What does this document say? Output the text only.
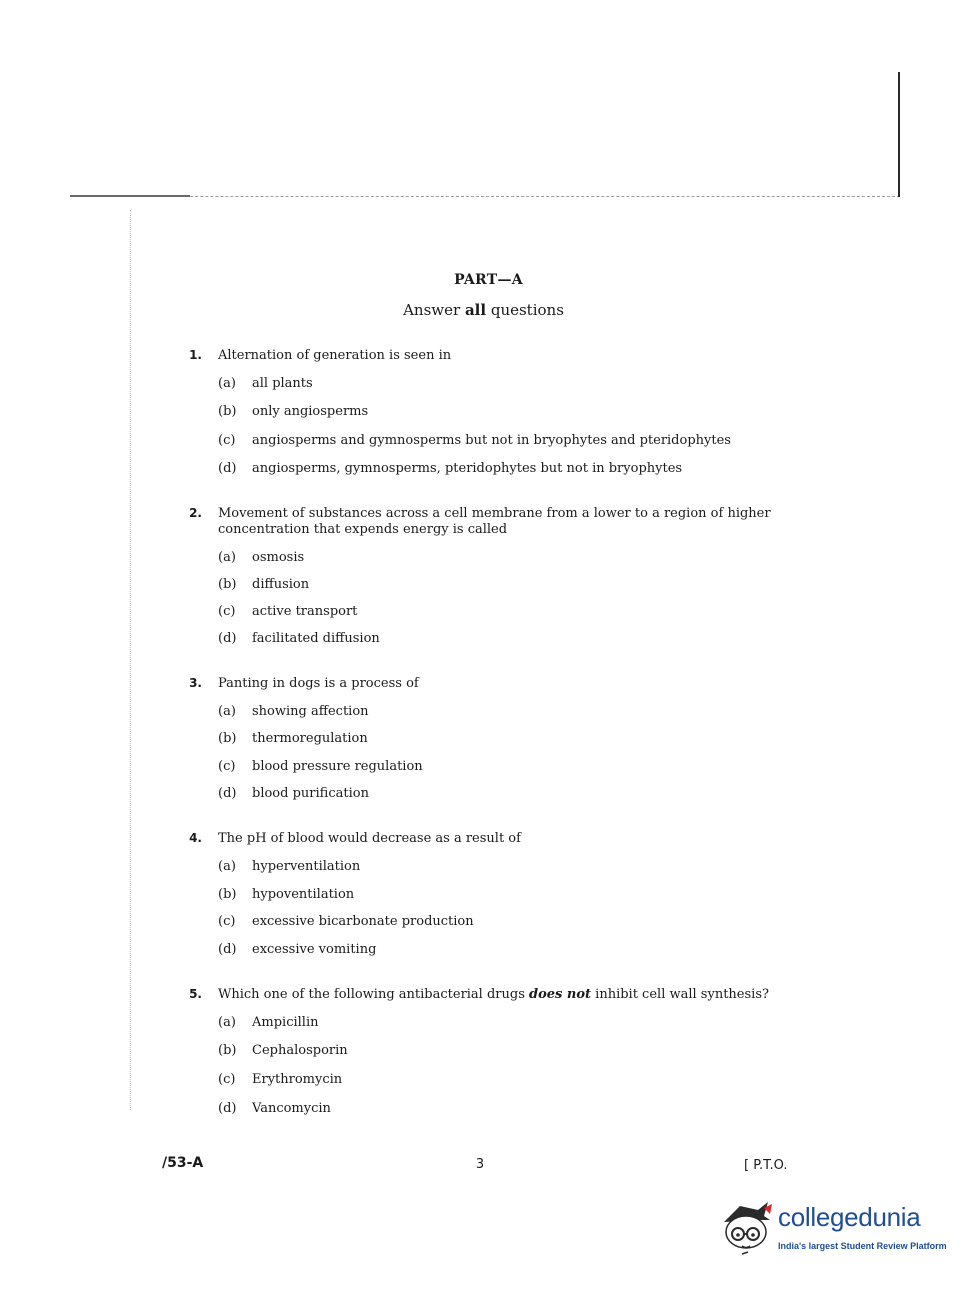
PART—A
Answer all questions
1. Alternation of generation is seen in
(a) all plants
(b) only angiosperms
(c) angiosperms and gymnosperms but not in bryophytes and pteridophytes
(d) angiosperms, gymnosperms, pteridophytes but not in bryophytes
2. Movement of substances across a cell membrane from a lower to a region of higher concentration that expends energy is called
(a) osmosis
(b) diffusion
(c) active transport
(d) facilitated diffusion
3. Panting in dogs is a process of
(a) showing affection
(b) thermoregulation
(c) blood pressure regulation
(d) blood purification
4. The pH of blood would decrease as a result of
(a) hyperventilation
(b) hypoventilation
(c) excessive bicarbonate production
(d) excessive vomiting
5. Which one of the following antibacterial drugs does not inhibit cell wall synthesis?
(a) Ampicillin
(b) Cephalosporin
(c) Erythromycin
(d) Vancomycin
/53-A	3	[ P.T.O.
collegedunia
India's largest Student Review Platform
